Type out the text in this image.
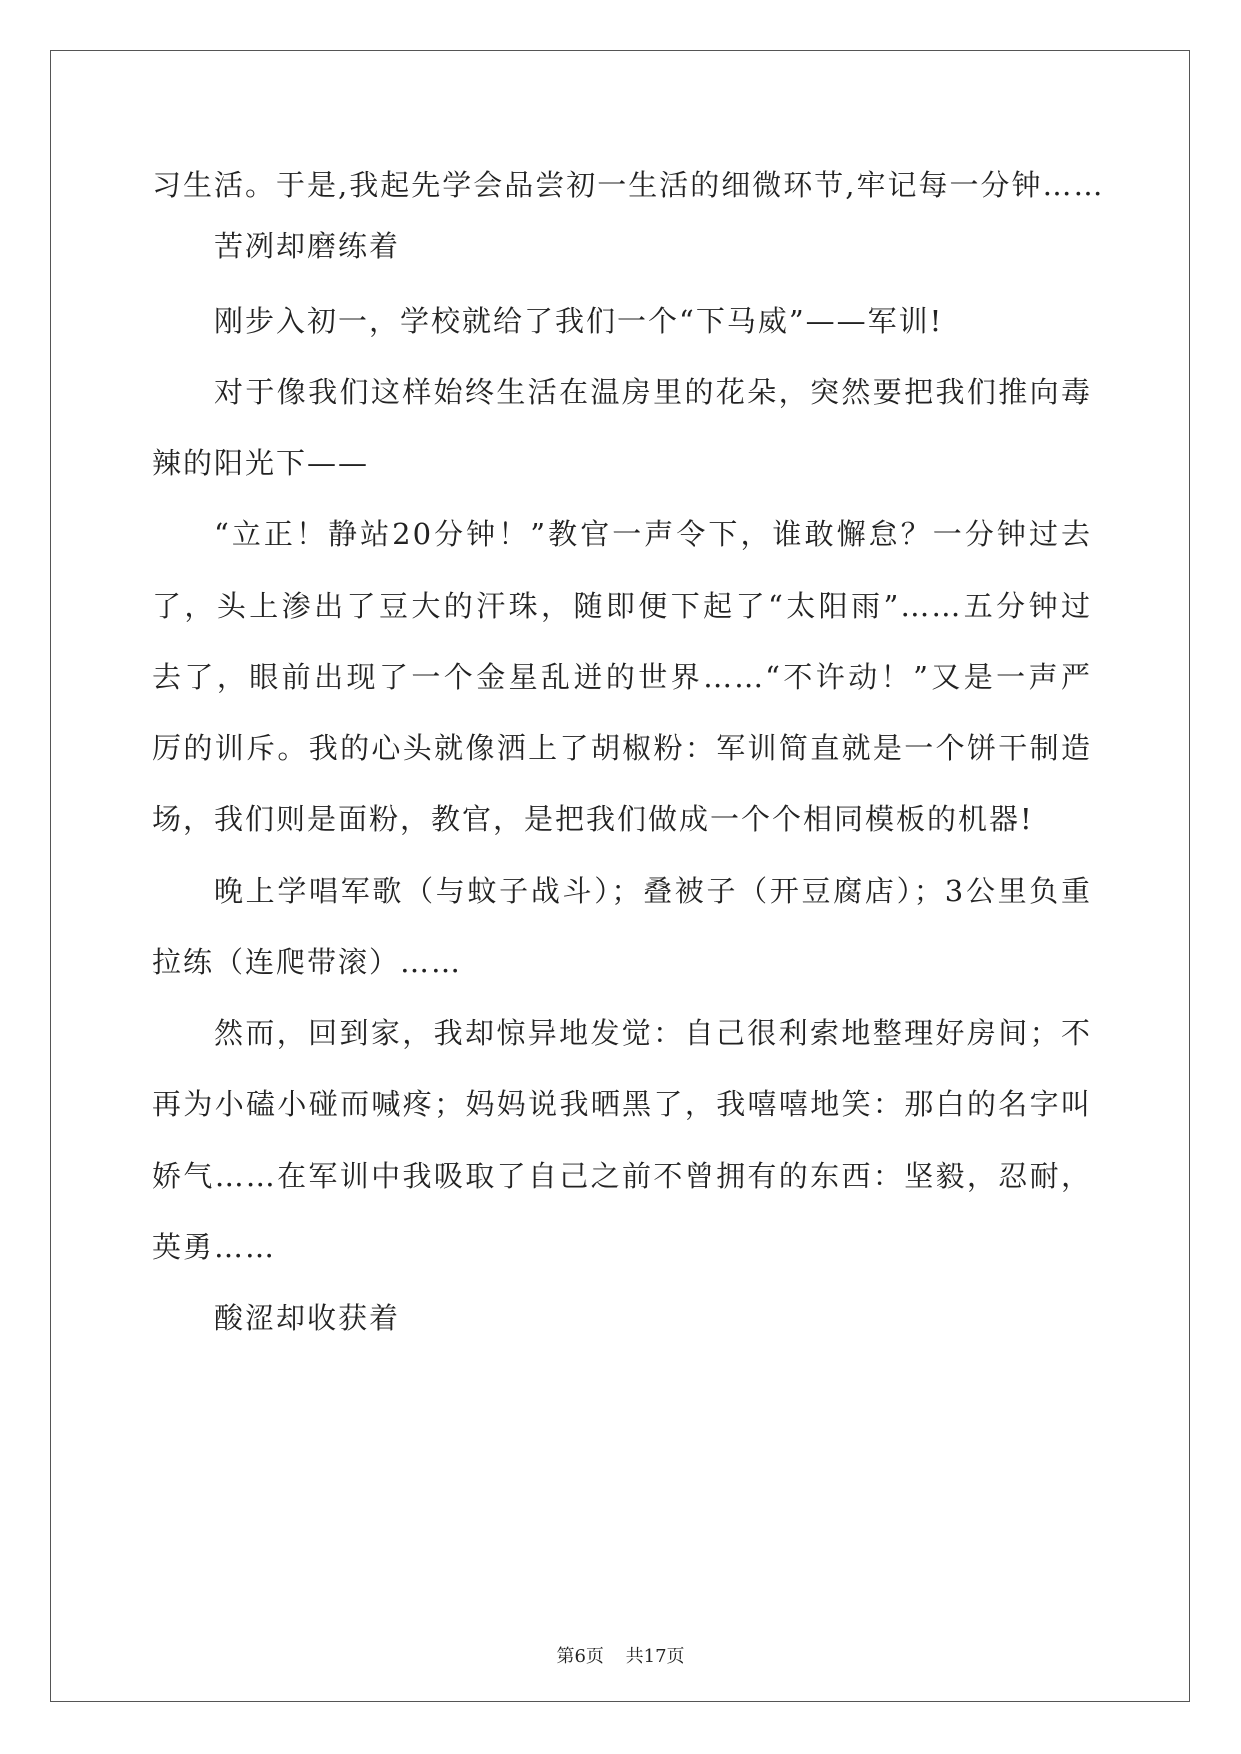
习生活。于是,我起先学会品尝初一生活的细微环节,牢记每一分钟……
苦冽却磨练着
刚步入初一，学校就给了我们一个“下马威”——军训!
对于像我们这样始终生活在温房里的花朵，突然要把我们推向毒
辣的阳光下——
“立正！静站20分钟！”教官一声令下，谁敢懈怠？一分钟过去
了，头上渗出了豆大的汗珠，随即便下起了“太阳雨”……五分钟过
去了，眼前出现了一个金星乱迸的世界……“不许动！”又是一声严
厉的训斥。我的心头就像洒上了胡椒粉：军训简直就是一个饼干制造
场，我们则是面粉，教官，是把我们做成一个个相同模板的机器!
晚上学唱军歌（与蚊子战斗）；叠被子（开豆腐店）；3公里负重
拉练（连爬带滚）……
然而，回到家，我却惊异地发觉：自己很利索地整理好房间；不
再为小磕小碰而喊疼；妈妈说我晒黑了，我嘻嘻地笑：那白的名字叫
娇气……在军训中我吸取了自己之前不曾拥有的东西：坚毅，忍耐，
英勇……
酸涩却收获着
第6页 共17页
